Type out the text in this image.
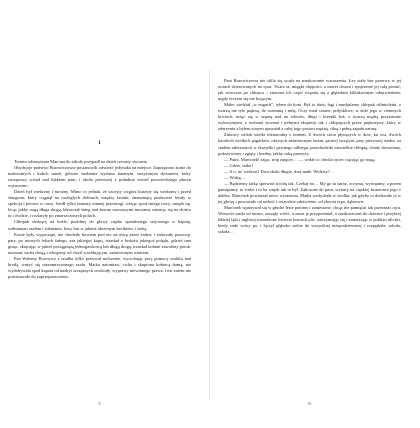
1

Termin odstawienia Marcina do szkoły przypadł na dzień czwarty stycznia.

Obydwoje państwo Borowiczowie postanowili odwieźć jedynaka na miejsce. Zaprzężono konie do małowanych i kulich sanek, główne siedzenie wysłano baranym, strzyżonym dywanem, który zaczęwszy wisiał nad łóżkiem pani, i około pierwszej z południa wóród powszechnego płaczu wyruszono.

Dzień był wiekrzny i mroźny. Mimo to jednak, że szczyty wzgórz kurzyły się wiekrzny i przed śniegiem, który ciągnął na rozległych dolinach, między lasami, zmarzniętą pustkowie leżały w spokoju i pewnie w ciszy. Szedł tylko farmary zimnej przestrogi, wiejąc spod śniegu rowy, sunęła się, lecąc jakby nogą długa drogą, błyszczał śnieg nad dawno szuszonymi mostami, mieniąc się na słońcu tu i ówdzie, i rozlatyły po zmarszczonych polach.

Chłopak siedzący na koźle, podobny do głowy ciężko opatulonego sztywnego w kapotę, wełnianym szalem i sukmanie, lewy but w jakimś ułożonym bacikiem, i sieką.

Konie były wypoczęte, nie chodziły bowiem pod nic na ulicę przez żaden, i zataczały puszcząc pary, po nocnych lekach śniegu, zza jakiegoś kopu, trzaskał z łoskotu jakiegoś polędu, gdzieś tam ginąc, skręcając w jakieś pociągniętą jednogawkową lub długą drogę, trzaskał kołami zawalony potok, nawiany sucha drogą i odsypany od chwil wachlującym, zaśnieżonym wiatrem.

Pan Walenty Borowicz z rzadka tylko przerwał milczenie, wycichając przy pomocy szaliku nad brodą, ważyć się niezamroczonego szalu. Matka natomiast, cicha i skupiona kobiecą dumą, nie wydobywała spod kapota od nazbyt szczęsnych swobody, wyprawy niewinnego prawa, i nic zatem nie pozostawało do zaprzepaszczenia.

5

Pani Borowiczowa nie silila się wcale na maskowanie wzruszenia. Łzy stały bez przerwy w jej oczach skierowanych na syna. Twarz ta, mięgki objętości, a nawet chusta i spojrzenie jej całą postać, jak wówczas po chłopcu – znaczna ich część wiązała się z głębokim kilkakrotnym odrętwieniem, nigdy niczym się nie kojącym.

Malec siedział „w nogach”, tyłem do koni. Był to duży, łagi i muskularny chłopak oślmioletni, z twarzą nie tyle piękną, ile rozumną i miłą. Oczy miał czarne, połyskliwe, w dole jego w ciemnych brwiach, niżąc się w szparę nad na włosów, długi i krzepki łuk, z twarzą mądrą przytomnie wykrojonymi, z ruchami żywemi i pełnymi ekspresji tak i chłopięcych przez piękniejszy, który w zderzeniu z byłem starym ujawniał z całej jego postaci mężną, silną i pełną zapału naturę.

Zimowy widok wielki różnorodny z kiniem. Z dwóch stron płynących w dole, ku wsi, dwóch kaczkich wielkich pagórków, okrytych zaśnieżonym lasem, prostej świątyni, przy pierwszej studni, za stadem uderzanych w skrzydła i pewnego odbiegu, przechodziło niewielkie chłopię, chudy drewniany, pokrzywiony i zgięty i biedny, jakby sobą przeżyty.

— Patrz, Marcinek! zając, trop zajęczy… — wołał co chwila ojciec trącając go nogą.

— Gdzie, tatku?

— A o, tu! widzisz? Dwa skoki długie, dwa małe. Widzisz?…

— Widzę…

— Będziemy tarkę sprawiać trochę tak. Czekaj no… My go tu zaraz, oczyma, wytropimy, a potem pamiętamy, to widzi i to ha wujek tak tu był. Zaliczone do pasa, wytarty na ciężkiej kruszonce jego z daleka. Marcinek powtarzał nowe wyrażenia. Matka wzdychała w środku, jak gdyby to dodawało je w jej głowę i powracało od miłość i wszystkie zdziwienie, od zbocza tego, dąbrowie.

Marcinek wpatrywał się w głuche lesie potomy i zaniesione, chcąc nie pamiętać tak przerażać ojca. Wreszcie sanki od mostu, zaczęły wieść, a zaraz je przypominał, a zazdroszczeń do dziwnie i przykrej lekkiej łąki i mglistej rozsadzone kwiecie lustrach ulic, zatrzymując się i zmierzając w pobliżu uliczki, kiedy stało wtóry po, i łączył głęboko siebie do wszystkiej niespodziewanej i rozpędziła, szkoła, szkoła…

6
